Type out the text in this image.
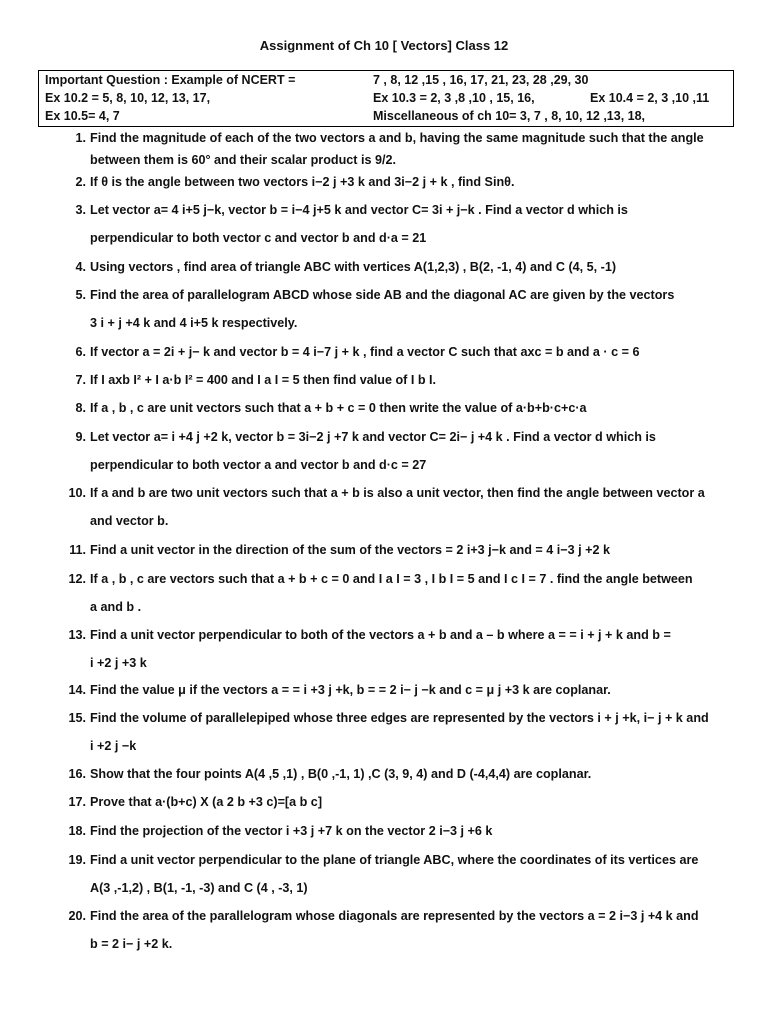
Assignment of Ch 10 [ Vectors] Class 12
Important Question : Example of NCERT =	7 , 8, 12 ,15 , 16, 17, 21, 23, 28 ,29, 30
Ex 10.2 = 5, 8, 10, 12, 13, 17,	Ex 10.3 = 2, 3 ,8 ,10 , 15, 16,	Ex 10.4 = 2, 3 ,10 ,11
Ex 10.5= 4, 7	Miscellaneous of ch 10= 3, 7 , 8, 10, 12 ,13, 18,
1. Find the magnitude of each of the two vectors a and b, having the same magnitude such that the angle
between them is 60° and their scalar product is 9/2.
2. If θ is the angle between two vectors i−2 j +3 k and 3i−2 j + k , find Sinθ.
3. Let vector a= 4 i+5 j−k, vector b = i−4 j+5 k and vector C= 3i + j−k . Find a vector d which is
perpendicular to both vector c and vector b and d·a = 21
4. Using vectors , find area of triangle ABC with vertices A(1,2,3) , B(2, -1, 4) and C (4, 5, -1)
5. Find the area of parallelogram ABCD whose side AB and the diagonal AC are given by the vectors
3 i + j +4 k and 4 i+5 k respectively.
6. If vector a = 2i + j− k and vector b = 4 i−7 j + k , find a vector C such that axc = b and a · c = 6
7. If I axb I² + I a·b I² = 400 and I a I = 5 then find value of I b I.
8. If a , b , c are unit vectors such that a + b + c = 0 then write the value of a·b+b·c+c·a
9. Let vector a= i +4 j +2 k, vector b = 3i−2 j +7 k and vector C= 2i− j +4 k . Find a vector d which is
perpendicular to both vector a and vector b and d·c = 27
10. If a and b are two unit vectors such that a + b is also a unit vector, then find the angle between vector a
and vector b.
11. Find a unit vector in the direction of the sum of the vectors = 2 i+3 j−k and = 4 i−3 j +2 k
12. If a , b , c are vectors such that a + b + c = 0 and I a I = 3 , I b I = 5 and I c I = 7 . find the angle between
a and b .
13. Find a unit vector perpendicular to both of the vectors a + b and a – b where a = = i + j + k and b =
i +2 j +3 k
14. Find the value μ if the vectors a = = i +3 j +k, b = = 2 i− j −k and c = μ j +3 k are coplanar.
15. Find the volume of parallelepiped whose three edges are represented by the vectors i + j +k, i− j + k and
i +2 j −k
16. Show that the four points A(4 ,5 ,1) , B(0 ,-1, 1) ,C (3, 9, 4) and D (-4,4,4) are coplanar.
17. Prove that a·(b+c) X (a 2 b +3 c)=[a b c]
18. Find the projection of the vector i +3 j +7 k on the vector 2 i−3 j +6 k
19. Find a unit vector perpendicular to the plane of triangle ABC, where the coordinates of its vertices are
A(3 ,-1,2) , B(1, -1, -3) and C (4 , -3, 1)
20. Find the area of the parallelogram whose diagonals are represented by the vectors a = 2 i−3 j +4 k and
b = 2 i− j +2 k.
